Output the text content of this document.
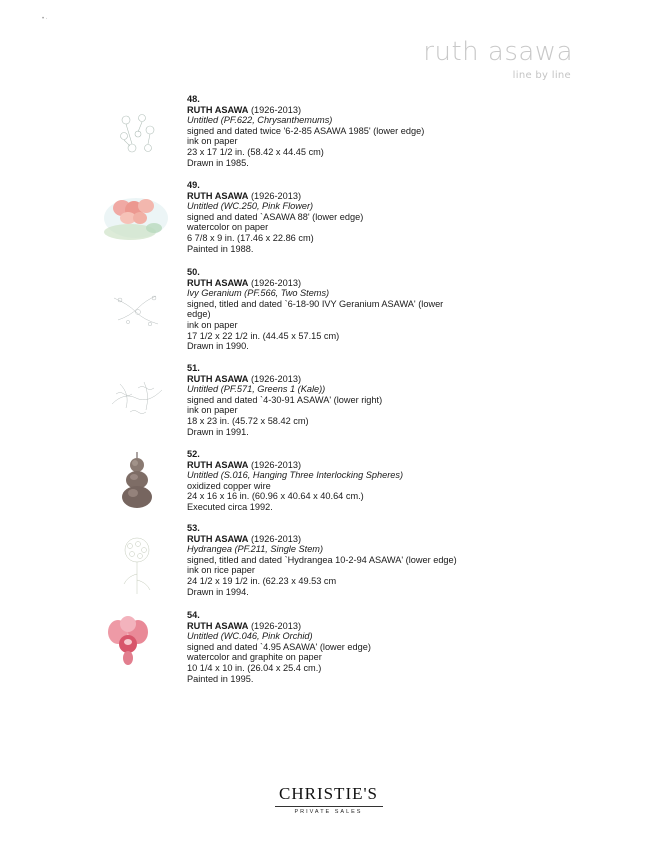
• ·
ruth asawa
line by line
48.
RUTH ASAWA (1926-2013)
Untitled (PF.622, Chrysanthemums)
signed and dated twice '6-2-85 ASAWA 1985' (lower edge)
ink on paper
23 x 17 1/2 in. (58.42 x 44.45 cm)
Drawn in 1985.
49.
RUTH ASAWA (1926-2013)
Untitled (WC.250, Pink Flower)
signed and dated `ASAWA 88' (lower edge)
watercolor on paper
6 7/8 x 9 in. (17.46 x 22.86 cm)
Painted in 1988.
50.
RUTH ASAWA (1926-2013)
Ivy Geranium (PF.566, Two Stems)
signed, titled and dated `6-18-90 IVY Geranium ASAWA' (lower edge)
ink on paper
17 1/2 x 22 1/2 in. (44.45 x 57.15 cm)
Drawn in 1990.
51.
RUTH ASAWA (1926-2013)
Untitled (PF.571, Greens 1 (Kale))
signed and dated `4-30-91 ASAWA' (lower right)
ink on paper
18 x 23 in. (45.72 x 58.42 cm)
Drawn in 1991.
52.
RUTH ASAWA (1926-2013)
Untitled (S.016, Hanging Three Interlocking Spheres)
oxidized copper wire
24 x 16 x 16 in. (60.96 x 40.64 x 40.64 cm.)
Executed circa 1992.
53.
RUTH ASAWA (1926-2013)
Hydrangea (PF.211, Single Stem)
signed, titled and dated `Hydrangea 10-2-94 ASAWA' (lower edge)
ink on rice paper
24 1/2 x 19 1/2 in. (62.23 x 49.53 cm
Drawn in 1994.
54.
RUTH ASAWA (1926-2013)
Untitled (WC.046, Pink Orchid)
signed and dated `4.95 ASAWA' (lower edge)
watercolor and graphite on paper
10 1/4 x 10 in. (26.04 x 25.4 cm.)
Painted in 1995.
CHRISTIE'S
PRIVATE SALES
